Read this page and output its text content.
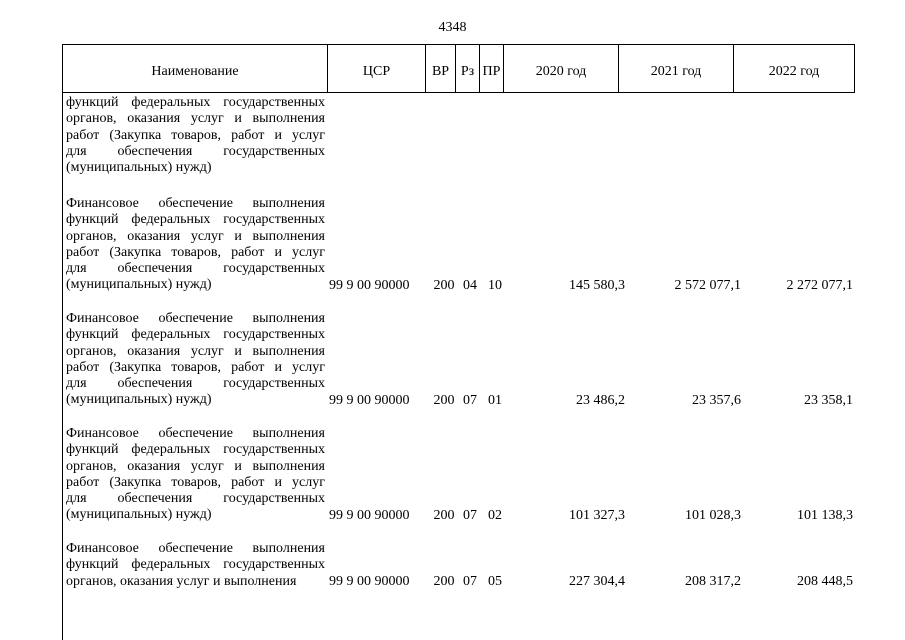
4348
Наименование	ЦСР	ВР	Рз	ПР	2020 год	2021 год	2022 год
функций федеральных государственных
органов, оказания услуг и выполнения
работ (Закупка товаров, работ и услуг
для обеспечения государственных
(муниципальных) нужд)
Финансовое обеспечение выполнения
функций федеральных государственных
органов, оказания услуг и выполнения
работ (Закупка товаров, работ и услуг
для обеспечения государственных
(муниципальных) нужд)	99 9 00 90000	200 04 10	145 580,3	2 572 077,1	2 272 077,1
Финансовое обеспечение выполнения
функций федеральных государственных
органов, оказания услуг и выполнения
работ (Закупка товаров, работ и услуг
для обеспечения государственных
(муниципальных) нужд)	99 9 00 90000	200 07 01	23 486,2	23 357,6	23 358,1
Финансовое обеспечение выполнения
функций федеральных государственных
органов, оказания услуг и выполнения
работ (Закупка товаров, работ и услуг
для обеспечения государственных
(муниципальных) нужд)	99 9 00 90000	200 07 02	101 327,3	101 028,3	101 138,3
Финансовое обеспечение выполнения
функций федеральных государственных
органов, оказания услуг и выполнения	99 9 00 90000	200 07 05	227 304,4	208 317,2	208 448,5
